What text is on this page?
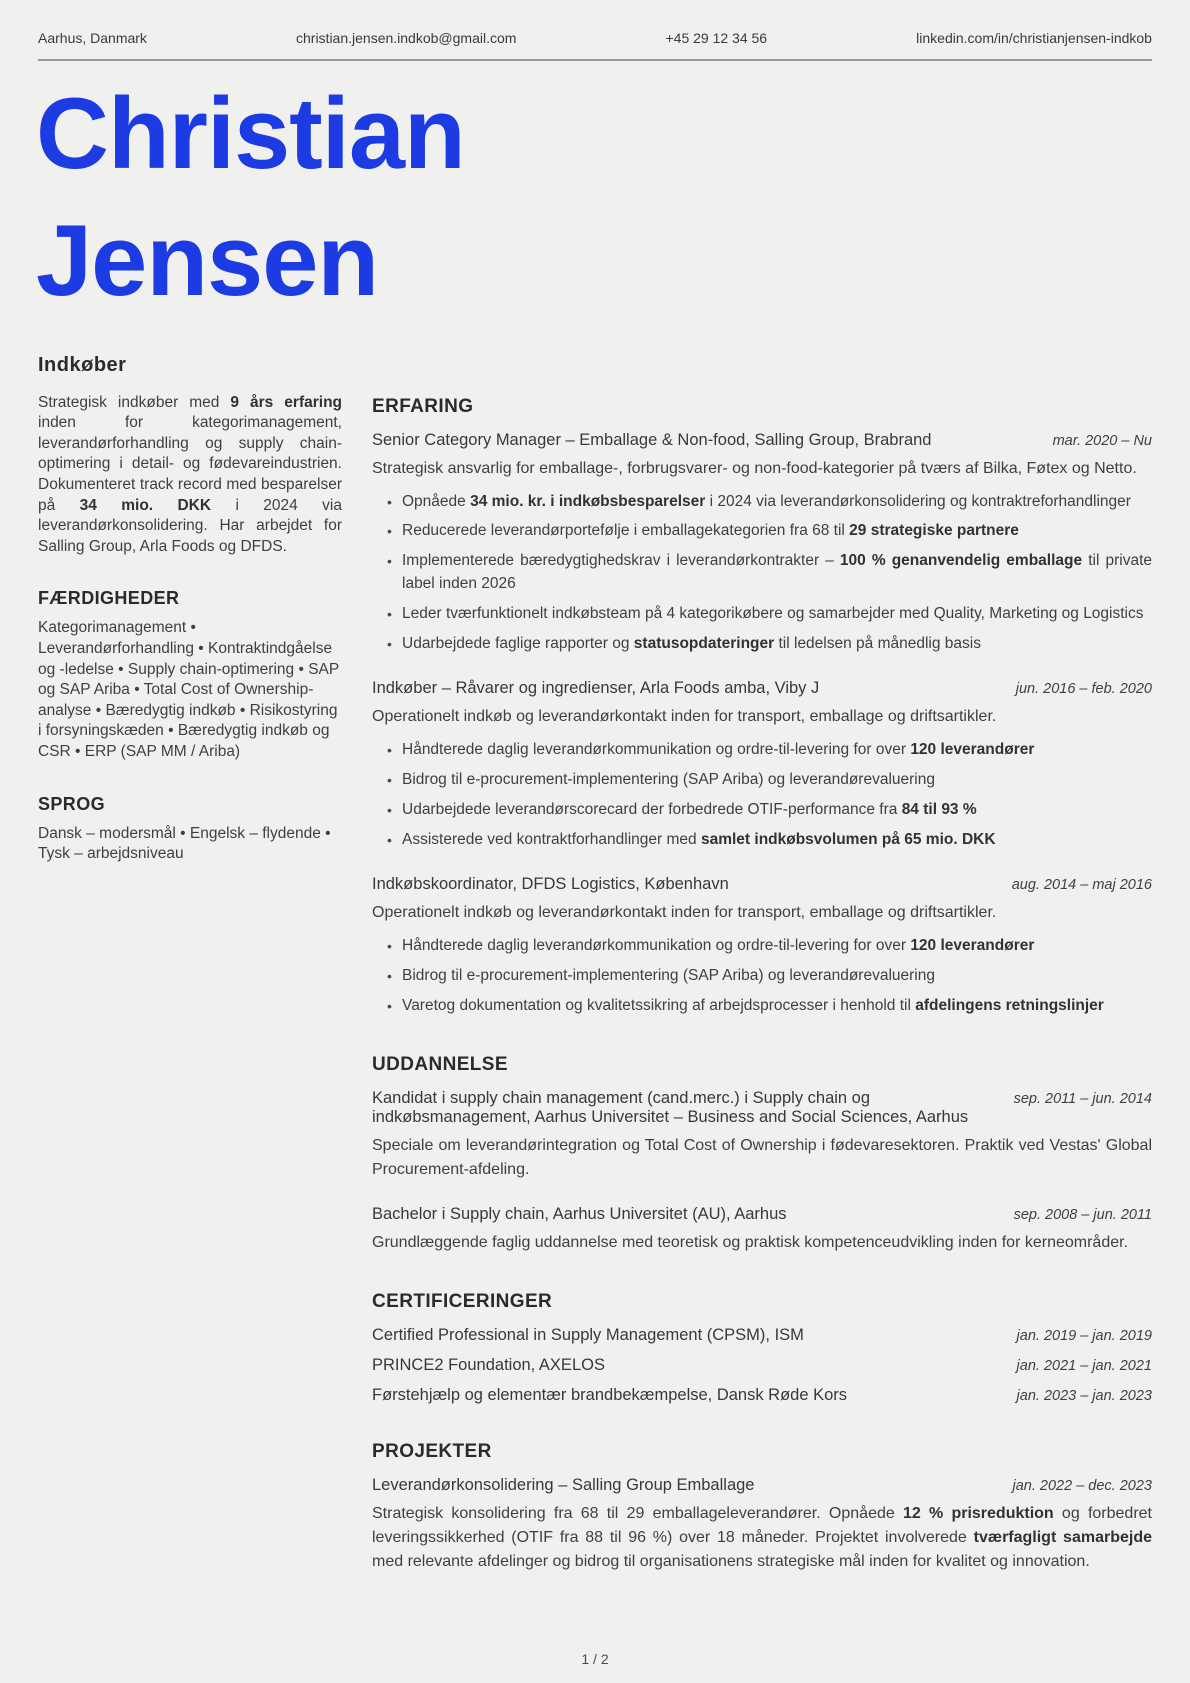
Aarhus, Danmark	christian.jensen.indkob@gmail.com	+45 29 12 34 56	linkedin.com/in/christianjensen-indkob
Christian
Jensen
Indkøber

Strategisk indkøber med 9 års erfaring inden for kategorimanagement, leverandørforhandling og supply chain-optimering i detail- og fødevareindustrien. Dokumenteret track record med besparelser på 34 mio. DKK i 2024 via leverandørkonsolidering. Har arbejdet for Salling Group, Arla Foods og DFDS.

FÆRDIGHEDER
Kategorimanagement • Leverandørforhandling • Kontraktindgåelse og -ledelse • Supply chain-optimering • SAP og SAP Ariba • Total Cost of Ownership-analyse • Bæredygtig indkøb • Risikostyring i forsyningskæden • Bæredygtig indkøb og CSR • ERP (SAP MM / Ariba)
SPROG
Dansk – modersmål • Engelsk – flydende • Tysk – arbejdsniveau
ERFARING
Senior Category Manager – Emballage & Non-food, Salling Group, Brabrand	mar. 2020 – Nu
Strategisk ansvarlig for emballage-, forbrugsvarer- og non-food-kategorier på tværs af Bilka, Føtex og Netto.
• Opnåede 34 mio. kr. i indkøbsbesparelser i 2024 via leverandørkonsolidering og kontraktreforhandlinger
• Reducerede leverandørportefølje i emballagekategorien fra 68 til 29 strategiske partnere
• Implementerede bæredygtighedskrav i leverandørkontrakter – 100 % genanvendelig emballage til private label inden 2026
• Leder tværfunktionelt indkøbsteam på 4 kategorikøbere og samarbejder med Quality, Marketing og Logistics
• Udarbejdede faglige rapporter og statusopdateringer til ledelsen på månedlig basis
Indkøber – Råvarer og ingredienser, Arla Foods amba, Viby J	jun. 2016 – feb. 2020
Operationelt indkøb og leverandørkontakt inden for transport, emballage og driftsartikler.
• Håndterede daglig leverandørkommunikation og ordre-til-levering for over 120 leverandører
• Bidrog til e-procurement-implementering (SAP Ariba) og leverandørevaluering
• Udarbejdede leverandørscorecard der forbedrede OTIF-performance fra 84 til 93 %
• Assisterede ved kontraktforhandlinger med samlet indkøbsvolumen på 65 mio. DKK
Indkøbskoordinator, DFDS Logistics, København	aug. 2014 – maj 2016
Operationelt indkøb og leverandørkontakt inden for transport, emballage og driftsartikler.
• Håndterede daglig leverandørkommunikation og ordre-til-levering for over 120 leverandører
• Bidrog til e-procurement-implementering (SAP Ariba) og leverandørevaluering
• Varetog dokumentation og kvalitetssikring af arbejdsprocesser i henhold til afdelingens retningslinjer
UDDANNELSE
Kandidat i supply chain management (cand.merc.) i Supply chain og indkøbsmanagement, Aarhus Universitet – Business and Social Sciences, Aarhus
sep. 2011 – jun. 2014
Speciale om leverandørintegration og Total Cost of Ownership i fødevaresektoren. Praktik ved Vestas' Global Procurement-afdeling.
Bachelor i Supply chain, Aarhus Universitet (AU), Aarhus	sep. 2008 – jun. 2011
Grundlæggende faglig uddannelse med teoretisk og praktisk kompetenceudvikling inden for kerneområder.
CERTIFICERINGER
Certified Professional in Supply Management (CPSM), ISM	jan. 2019 – jan. 2019
PRINCE2 Foundation, AXELOS	jan. 2021 – jan. 2021
Førstehjælp og elementær brandbekæmpelse, Dansk Røde Kors	jan. 2023 – jan. 2023
PROJEKTER
Leverandørkonsolidering – Salling Group Emballage	jan. 2022 – dec. 2023
Strategisk konsolidering fra 68 til 29 emballageleverandører. Opnåede 12 % prisreduktion og forbedret leveringssikkerhed (OTIF fra 88 til 96 %) over 18 måneder. Projektet involverede tværfagligt samarbejde med relevante afdelinger og bidrog til organisationens strategiske mål inden for kvalitet og innovation.
1 / 2
